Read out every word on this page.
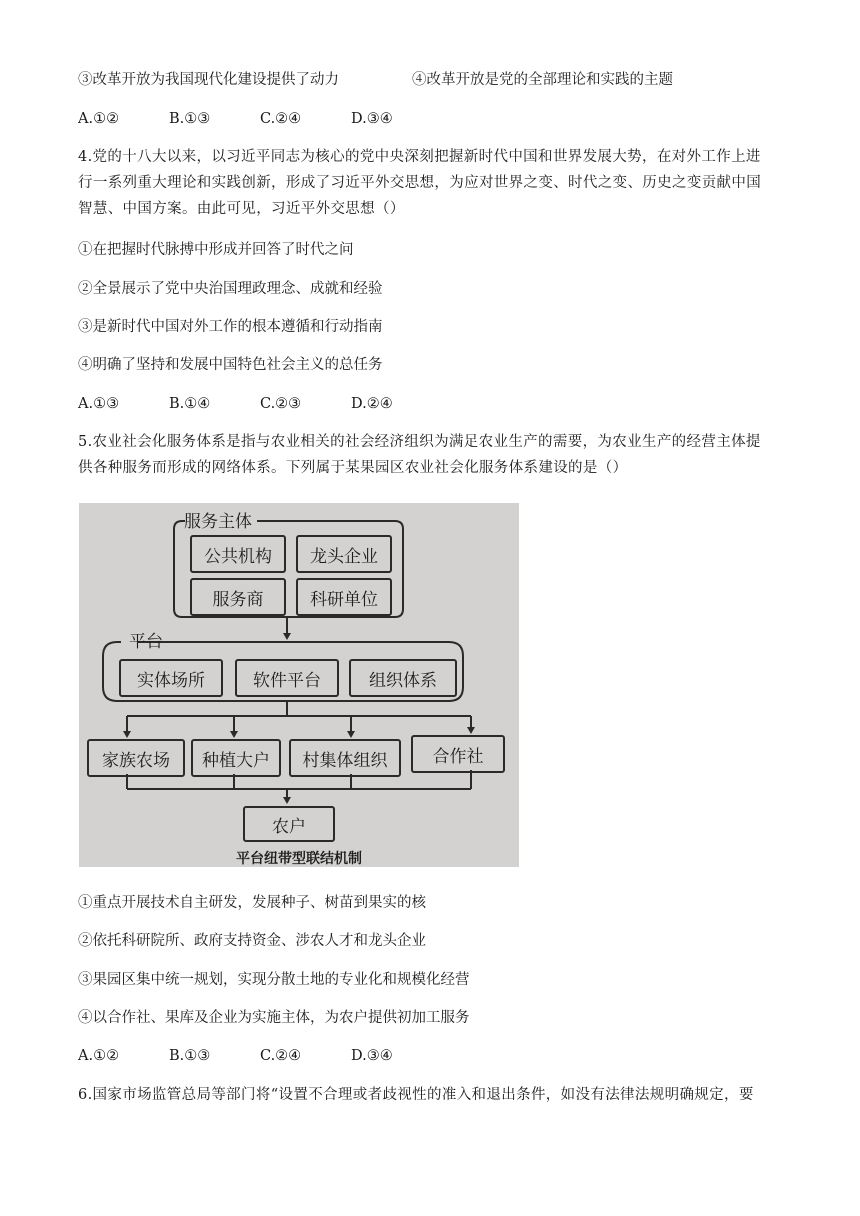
③改革开放为我国现代化建设提供了动力	④改革开放是党的全部理论和实践的主题
A.①②	B.①③	C.②④	D.③④
4.党的十八大以来，以习近平同志为核心的党中央深刻把握新时代中国和世界发展大势，在对外工作上进
行一系列重大理论和实践创新，形成了习近平外交思想，为应对世界之变、时代之变、历史之变贡献中国
智慧、中国方案。由此可见，习近平外交思想（）
①在把握时代脉搏中形成并回答了时代之问
②全景展示了党中央治国理政理念、成就和经验
③是新时代中国对外工作的根本遵循和行动指南
④明确了坚持和发展中国特色社会主义的总任务
A.①③	B.①④	C.②③	D.②④
5.农业社会化服务体系是指与农业相关的社会经济组织为满足农业生产的需要，为农业生产的经营主体提
供各种服务而形成的网络体系。下列属于某果园区农业社会化服务体系建设的是（）
服务主体
公共机构	龙头企业
服务商	科研单位
平台
实体场所	软件平台	组织体系
家族农场	种植大户	村集体组织	合作社
农户
平台纽带型联结机制
①重点开展技术自主研发，发展种子、树苗到果实的核
②依托科研院所、政府支持资金、涉农人才和龙头企业
③果园区集中统一规划，实现分散土地的专业化和规模化经营
④以合作社、果库及企业为实施主体，为农户提供初加工服务
A.①②	B.①③	C.②④	D.③④
6.国家市场监管总局等部门将“设置不合理或者歧视性的准入和退出条件，如没有法律法规明确规定，要
